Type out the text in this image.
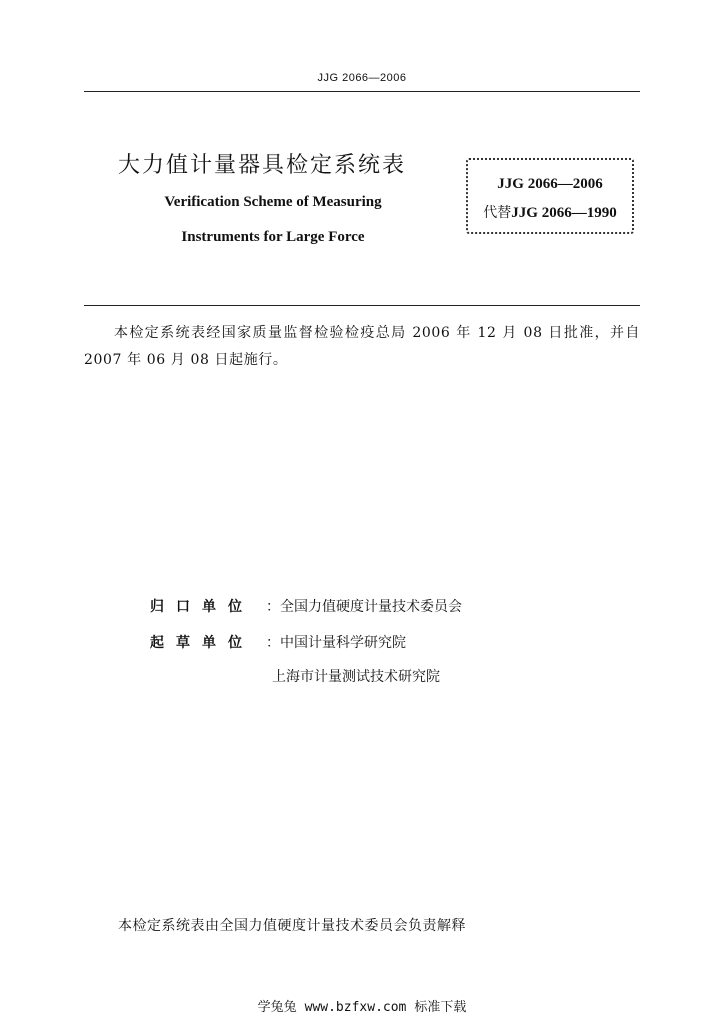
JJG 2066—2006
大力值计量器具检定系统表
Verification Scheme of Measuring
Instruments for Large Force
JJG 2066—2006
代替JJG 2066—1990
本检定系统表经国家质量监督检验检疫总局 2006 年 12 月 08 日批准，并自 2007 年 06 月 08 日起施行。
归口单位 ：全国力值硬度计量技术委员会
起草单位 ：中国计量科学研究院
上海市计量测试技术研究院
本检定系统表由全国力值硬度计量技术委员会负责解释
学兔兔 www.bzfxw.com 标准下载
